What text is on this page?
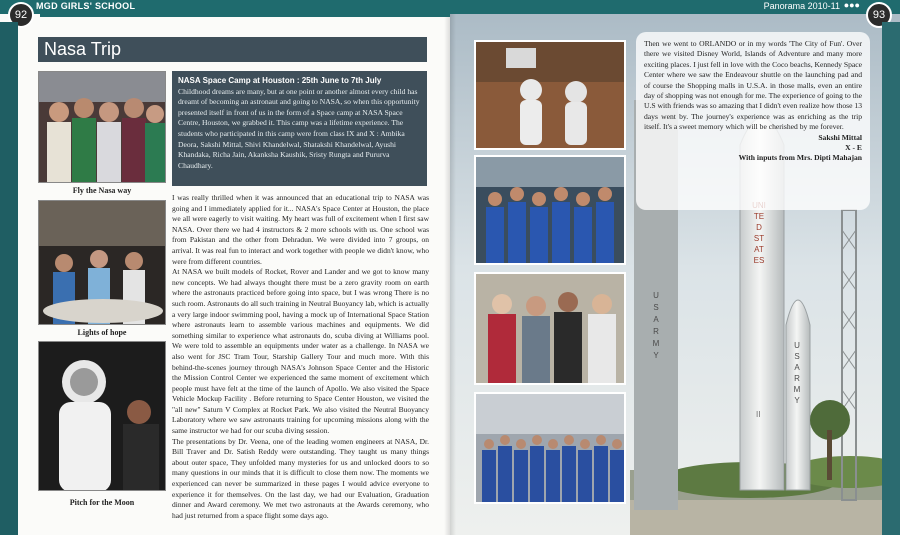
TED STATES
USARMY
USARMY
II
92
MGD GIRLS' SCHOOL	Panorama 2010-11 ●●●
93
Nasa Trip
Fly the Nasa way
Lights of hope
Pitch for the Moon
NASA Space Camp at Houston : 25th June to 7th July
Childhood dreams are many, but at one point or another almost every child has dreamt of becoming an astronaut and going to NASA, so when this opportunity presented itself in front of us in the form of a Space camp at NASA Space Centre, Houston, we grabbed it. This camp was a lifetime experience. The students who participated in this camp were from class IX and X : Ambika Deora, Sakshi Mittal, Shivi Khandelwal, Shatakshi Khandelwal, Ayushi Khandaka, Richa Jain, Akanksha Kaushik, Sristy Rungta and Pururva Chaudhary.

I was really thrilled when it was announced that an educational trip to NASA was going and I immediately applied for it... NASA's Space Center at Houston, the place we all were eagerly to visit waiting. My heart was full of excitement when I first saw NASA. Over there we had 4 instructors & 2 more schools with us. One school was from Pakistan and the other from Dehradun. We were divided into 7 groups, on arrival. It was real fun to interact and work together with people we didn't know, who were from different countries.

At NASA we built models of Rocket, Rover and Lander and we got to know many new concepts. We had always thought there must be a zero gravity room on earth where the astronauts practiced before going into space, but I was wrong There is no such room. Astronauts do all such training in Neutral Buoyancy lab, which is actually a very large indoor swimming pool, having a mock up of International Space Station where astronauts learn to assemble various machines and equipments. We did something similar to experience what astronauts do, scuba diving at Williams pool. We were told to assemble an equipments under water as a challenge. In NASA we also went for JSC Tram Tour, Starship Gallery Tour and much more. With this behind-the-scenes journey through NASA's Johnson Space Center and the Historic the Mission Control Center we experienced the same moment of excitement which people must have felt at the time of the launch of Apollo. We also visited the Space Vehicle Mockup Facility . Before returning to Space Center Houston, we visited the "all new" Saturn V Complex at Rocket Park. We also visited the Neutral Buoyancy Laboratory where we saw astronauts training for upcoming missions along with the same instructor we had for our scuba diving session.

The presentations by Dr. Veena, one of the leading women engineers at NASA, Dr. Bill Traver and Dr. Satish Reddy were outstanding. They taught us many things about outer space, They unfolded many mysteries for us and unlocked doors to so many questions in our minds that it is difficult to close them now. The moments we experienced can never be summarized in these pages I would advice everyone to experience it for themselves. On the last day, we had our Evaluation, Graduation dinner and Award ceremony. We met two astronauts at the Awards ceremony, who had just returned from a space flight some days ago.

Then we went to ORLANDO or in my words 'The City of Fun'. Over there we visited Disney World, Islands of Adventure and many more exciting places. I just fell in love with the Coco beachs, Kennedy Space Center where we saw the Endeavour shuttle on the launching pad and of course the Shopping malls in U.S.A. in those malls, even an entire day of shopping was not enough for me. The experience of going to the U.S with friends was so amazing that I didn't even realize how those 13 days went by. The journey's experience was as enriching as the trip itself. It's a sweet memory which will be cherished by me forever.
Sakshi Mittal
X - E
With inputs from Mrs. Dipti Mahajan
